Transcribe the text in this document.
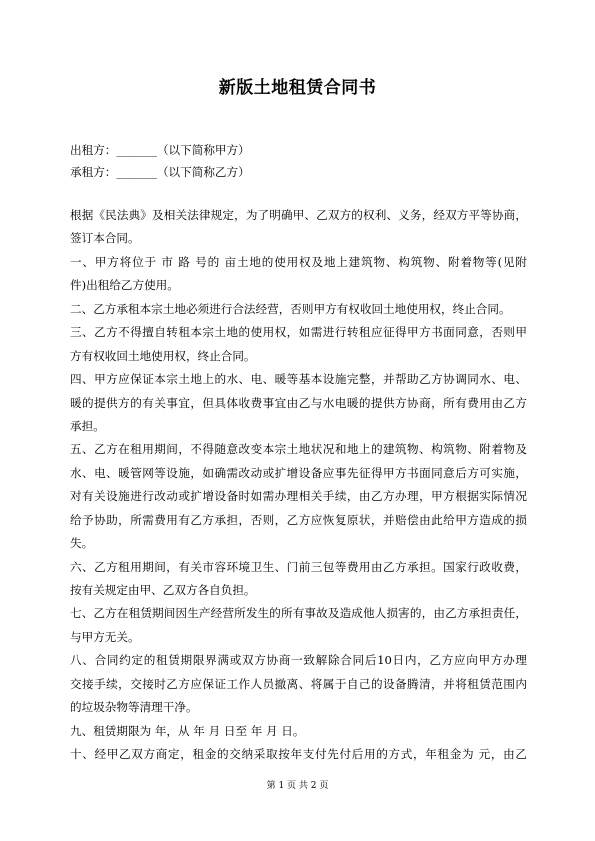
新版土地租赁合同书
出租方：_______（以下简称甲方）
承租方：_______（以下简称乙方）
根据《民法典》及相关法律规定，为了明确甲、乙双方的权利、义务，经双方平等协商，
签订本合同。
一、甲方将位于 市 路 号的 亩土地的使用权及地上建筑物、构筑物、附着物等(见附
件)出租给乙方使用。
二、乙方承租本宗土地必须进行合法经营，否则甲方有权收回土地使用权，终止合同。
三、乙方不得擅自转租本宗土地的使用权，如需进行转租应征得甲方书面同意，否则甲
方有权收回土地使用权，终止合同。
四、甲方应保证本宗土地上的水、电、暖等基本设施完整，并帮助乙方协调同水、电、
暖的提供方的有关事宜，但具体收费事宜由乙与水电暖的提供方协商，所有费用由乙方
承担。
五、乙方在租用期间，不得随意改变本宗土地状况和地上的建筑物、构筑物、附着物及
水、电、暖管网等设施，如确需改动或扩增设备应事先征得甲方书面同意后方可实施，
对有关设施进行改动或扩增设备时如需办理相关手续，由乙方办理，甲方根据实际情况
给予协助，所需费用有乙方承担，否则，乙方应恢复原状，并赔偿由此给甲方造成的损
失。
六、乙方租用期间，有关市容环境卫生、门前三包等费用由乙方承担。国家行政收费，
按有关规定由甲、乙双方各自负担。
七、乙方在租赁期间因生产经营所发生的所有事故及造成他人损害的，由乙方承担责任，
与甲方无关。
八、合同约定的租赁期限界满或双方协商一致解除合同后10日内，乙方应向甲方办理
交接手续，交接时乙方应保证工作人员撤离、将属于自己的设备腾清，并将租赁范围内
的垃圾杂物等清理干净。
九、租赁期限为 年，从 年 月 日至 年 月 日。
十、经甲乙双方商定，租金的交纳采取按年支付先付后用的方式，年租金为 元，由乙
第 1 页 共 2 页
